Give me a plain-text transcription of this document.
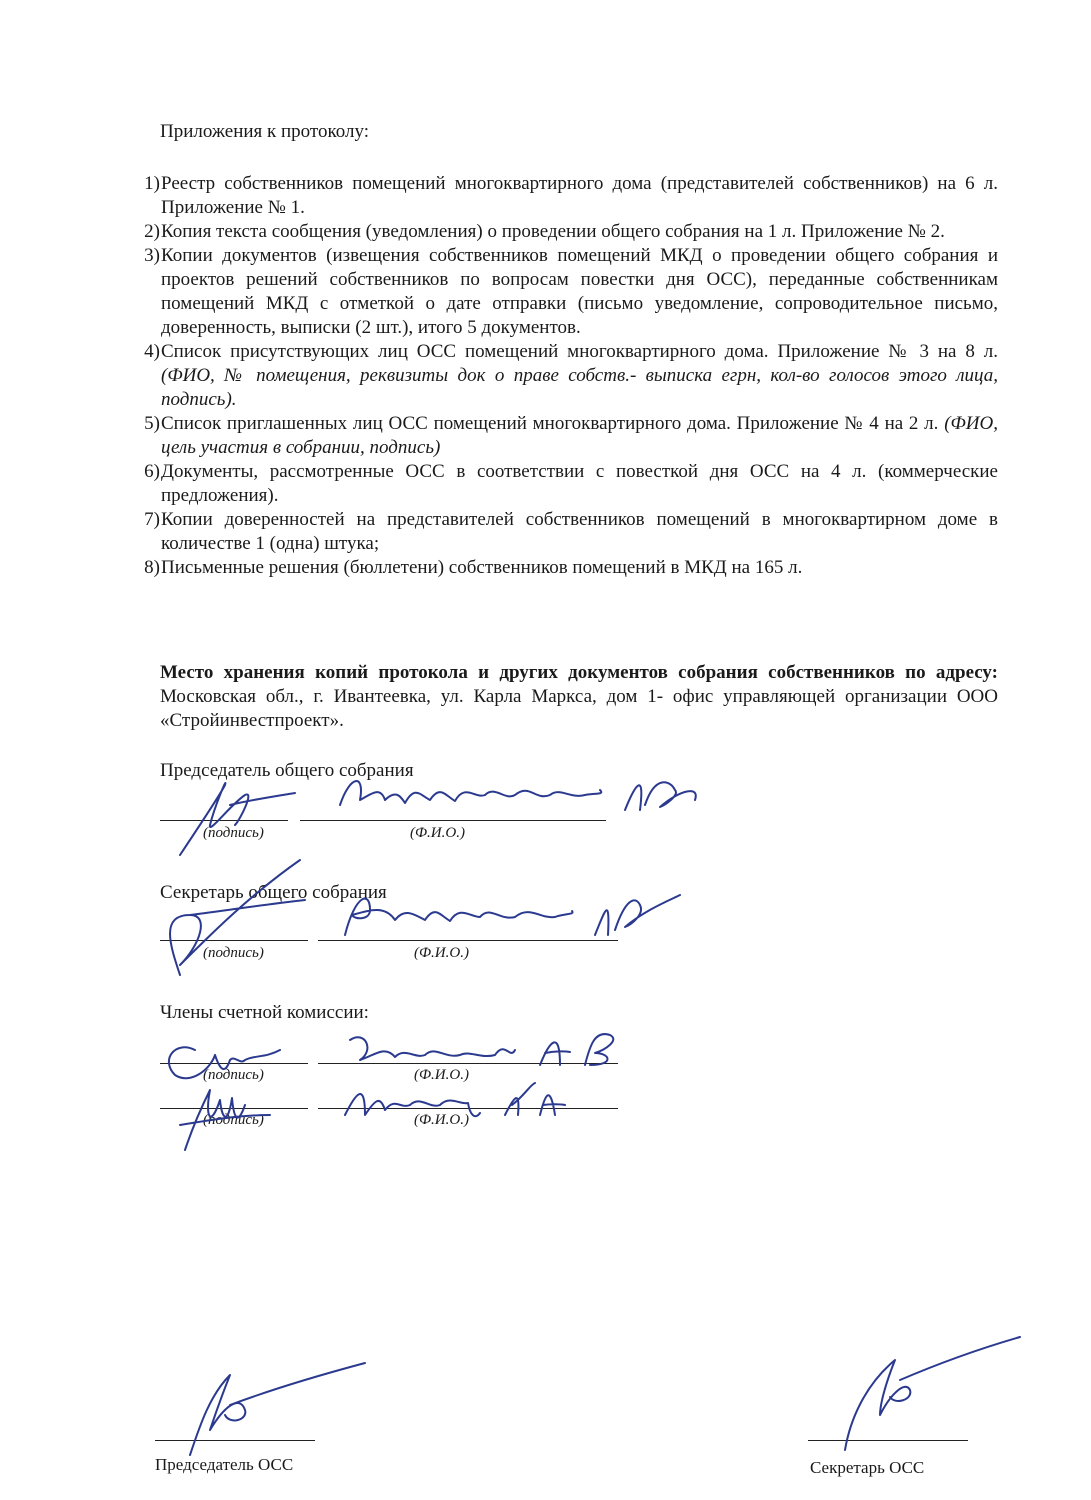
Приложения к протоколу:
1) Реестр собственников помещений многоквартирного дома (представителей собственников) на 6 л. Приложение № 1.
2) Копия текста сообщения (уведомления) о проведении общего собрания на 1 л. Приложение № 2.
3) Копии документов (извещения собственников помещений МКД о проведении общего собрания и проектов решений собственников по вопросам повестки дня ОСС), переданные собственникам помещений МКД с отметкой о дате отправки (письмо уведомление, сопроводительное письмо, доверенность, выписки (2 шт.), итого 5 документов.
4) Список присутствующих лиц ОСС помещений многоквартирного дома. Приложение № 3 на 8 л. (ФИО, № помещения, реквизиты док о праве собств.- выписка егрн, кол-во голосов этого лица, подпись).
5) Список приглашенных лиц ОСС помещений многоквартирного дома. Приложение № 4 на 2 л. (ФИО, цель участия в собрании, подпись)
6) Документы, рассмотренные ОСС в соответствии с повесткой дня ОСС на 4 л. (коммерческие предложения).
7) Копии доверенностей на представителей собственников помещений в многоквартирном доме в количестве 1 (одна) штука;
8) Письменные решения (бюллетени) собственников помещений в МКД на 165 л.
Место хранения копий протокола и других документов собрания собственников по адресу: Московская обл., г. Ивантеевка, ул. Карла Маркса, дом 1- офис управляющей организации ООО «Стройинвестпроект».
Председатель общего собрания
(подпись)	(Ф.И.О.)
Секретарь общего собрания
(подпись)	(Ф.И.О.)
Члены счетной комиссии:
(подпись)	(Ф.И.О.)
(подпись)	(Ф.И.О.)
Председатель ОСС	Секретарь ОСС
